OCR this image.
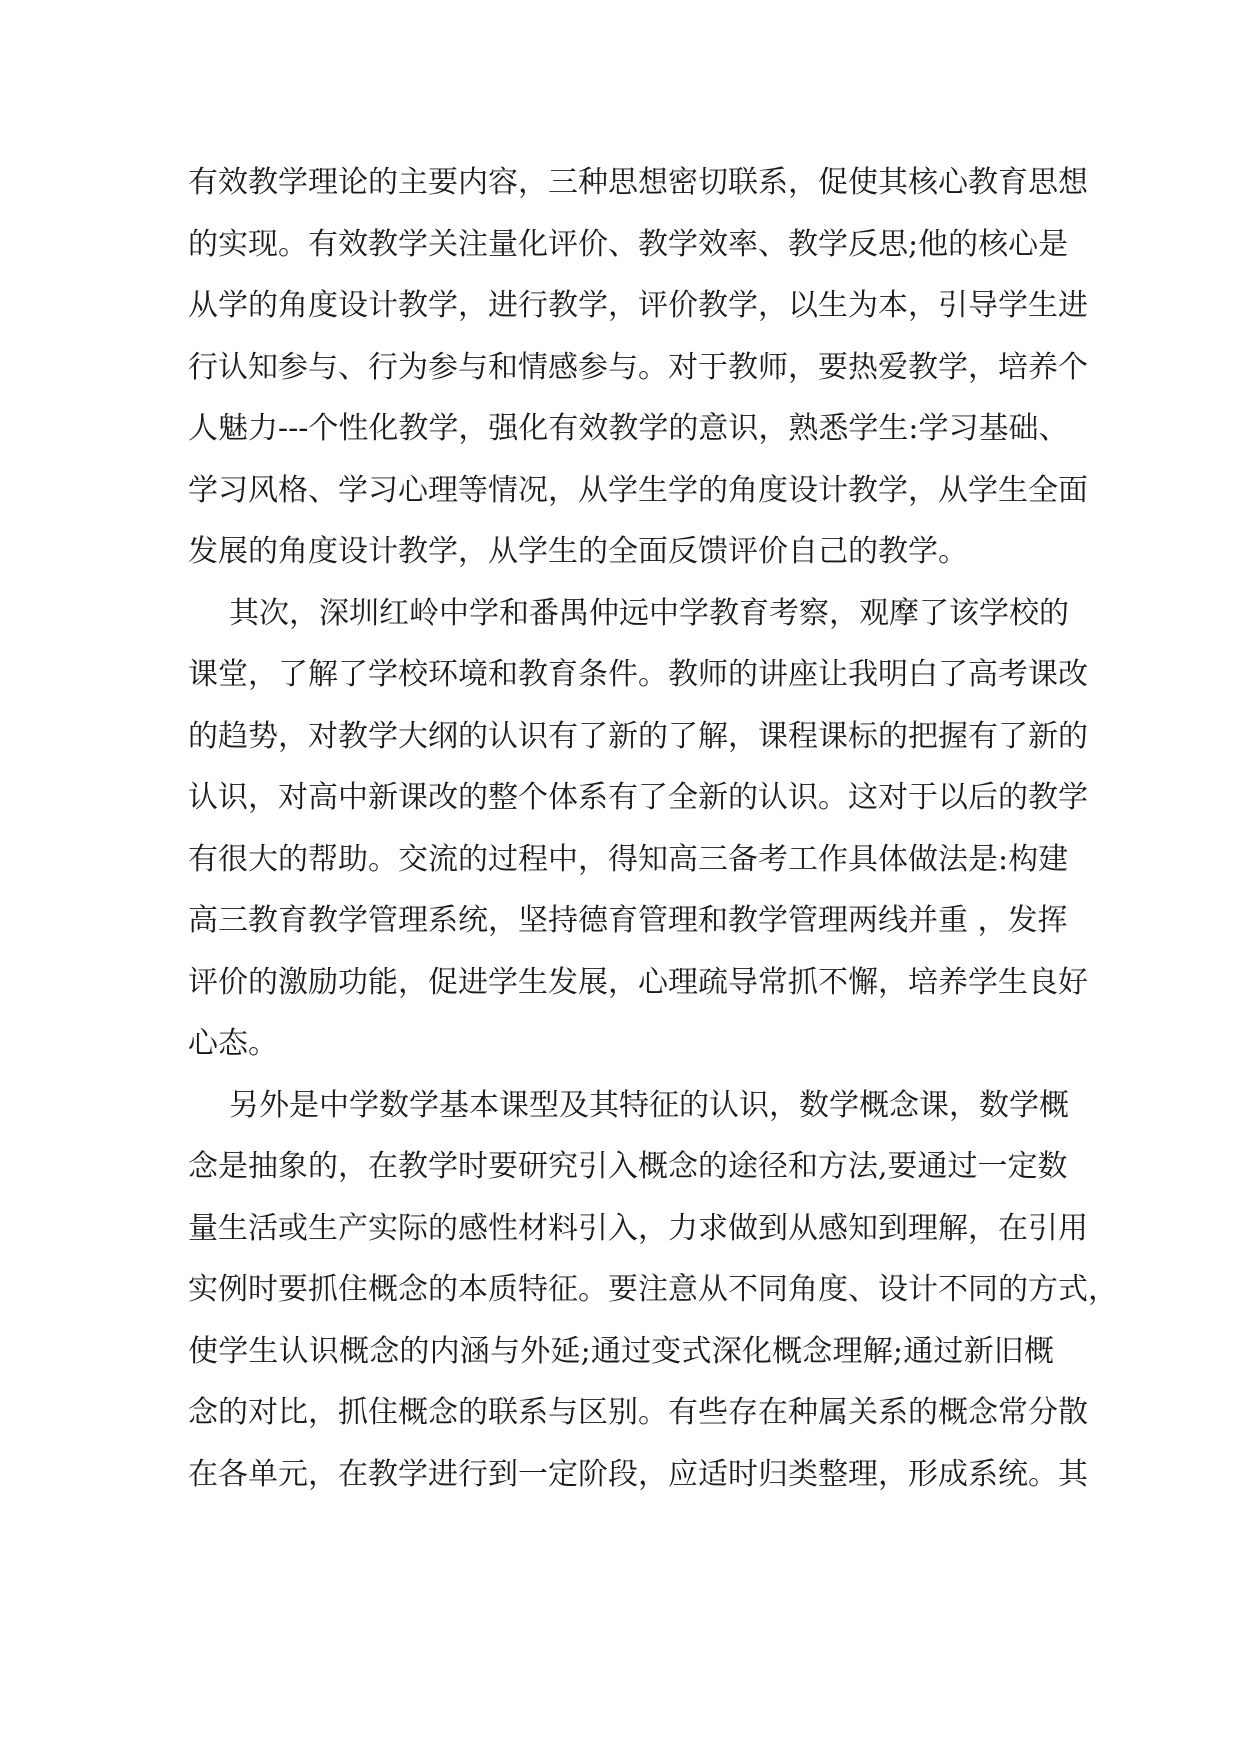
有效教学理论的主要内容，三种思想密切联系，促使其核心教育思想
的实现。有效教学关注量化评价、教学效率、教学反思;他的核心是
从学的角度设计教学，进行教学，评价教学，以生为本，引导学生进
行认知参与、行为参与和情感参与。对于教师，要热爱教学，培养个
人魅力---个性化教学，强化有效教学的意识，熟悉学生:学习基础、
学习风格、学习心理等情况，从学生学的角度设计教学，从学生全面
发展的角度设计教学，从学生的全面反馈评价自己的教学。
其次，深圳红岭中学和番禺仲远中学教育考察，观摩了该学校的
课堂，了解了学校环境和教育条件。教师的讲座让我明白了高考课改
的趋势，对教学大纲的认识有了新的了解，课程课标的把握有了新的
认识，对高中新课改的整个体系有了全新的认识。这对于以后的教学
有很大的帮助。交流的过程中，得知高三备考工作具体做法是:构建
高三教育教学管理系统，坚持德育管理和教学管理两线并重 ，发挥
评价的激励功能，促进学生发展，心理疏导常抓不懈，培养学生良好
心态。
另外是中学数学基本课型及其特征的认识，数学概念课，数学概
念是抽象的，在教学时要研究引入概念的途径和方法,要通过一定数
量生活或生产实际的感性材料引入，力求做到从感知到理解，在引用
实例时要抓住概念的本质特征。要注意从不同角度、设计不同的方式，
使学生认识概念的内涵与外延;通过变式深化概念理解;通过新旧概
念的对比，抓住概念的联系与区别。有些存在种属关系的概念常分散
在各单元，在教学进行到一定阶段，应适时归类整理，形成系统。其
